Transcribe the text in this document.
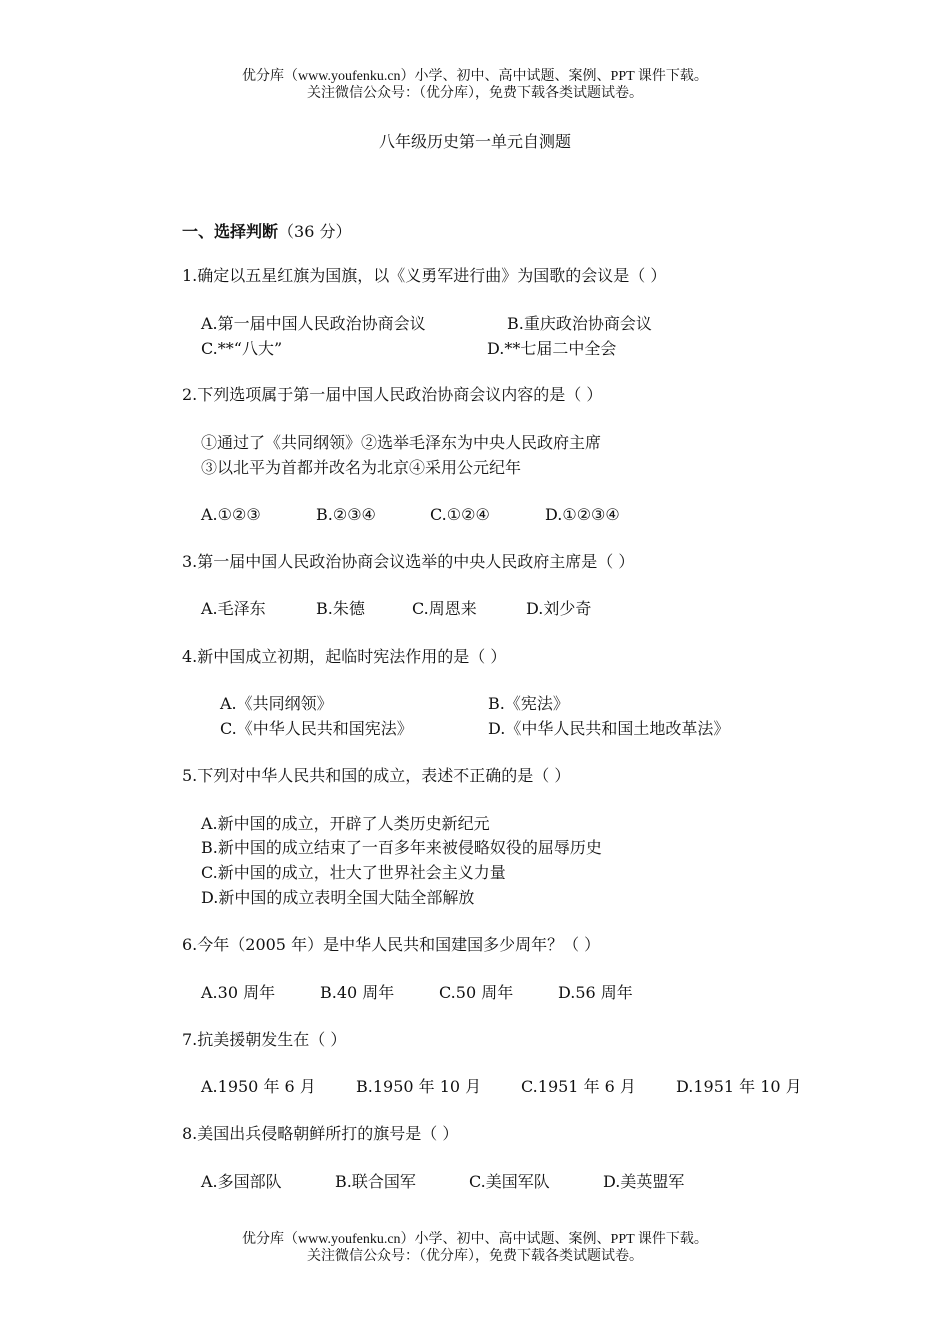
优分库（www.youfenku.cn）小学、初中、高中试题、案例、PPT 课件下载。
关注微信公众号：（优分库），免费下载各类试题试卷。
八年级历史第一单元自测题
一、选择判断（36 分）
1.确定以五星红旗为国旗，以《义勇军进行曲》为国歌的会议是（ ）
A.第一届中国人民政治协商会议	B.重庆政治协商会议
C.**“八大”	D.**七届二中全会
2.下列选项属于第一届中国人民政治协商会议内容的是（ ）
①通过了《共同纲领》②选举毛泽东为中央人民政府主席
③以北平为首都并改名为北京④采用公元纪年
A.①②③	B.②③④	C.①②④	D.①②③④
3.第一届中国人民政治协商会议选举的中央人民政府主席是（ ）
A.毛泽东	B.朱德	C.周恩来	D.刘少奇
4.新中国成立初期，起临时宪法作用的是（ ）
A.《共同纲领》	B.《宪法》
C.《中华人民共和国宪法》	D.《中华人民共和国土地改革法》
5.下列对中华人民共和国的成立，表述不正确的是（ ）
A.新中国的成立，开辟了人类历史新纪元
B.新中国的成立结束了一百多年来被侵略奴役的屈辱历史
C.新中国的成立，壮大了世界社会主义力量
D.新中国的成立表明全国大陆全部解放
6.今年（2005 年）是中华人民共和国建国多少周年？（ ）
A.30 周年	B.40 周年	C.50 周年	D.56 周年
7.抗美援朝发生在（ ）
A.1950 年 6 月	B.1950 年 10 月 C.1951 年 6 月	D.1951 年 10 月
8.美国出兵侵略朝鲜所打的旗号是（ ）
A.多国部队	B.联合国军	C.美国军队	D.美英盟军
优分库（www.youfenku.cn）小学、初中、高中试题、案例、PPT 课件下载。
关注微信公众号：（优分库），免费下载各类试题试卷。
